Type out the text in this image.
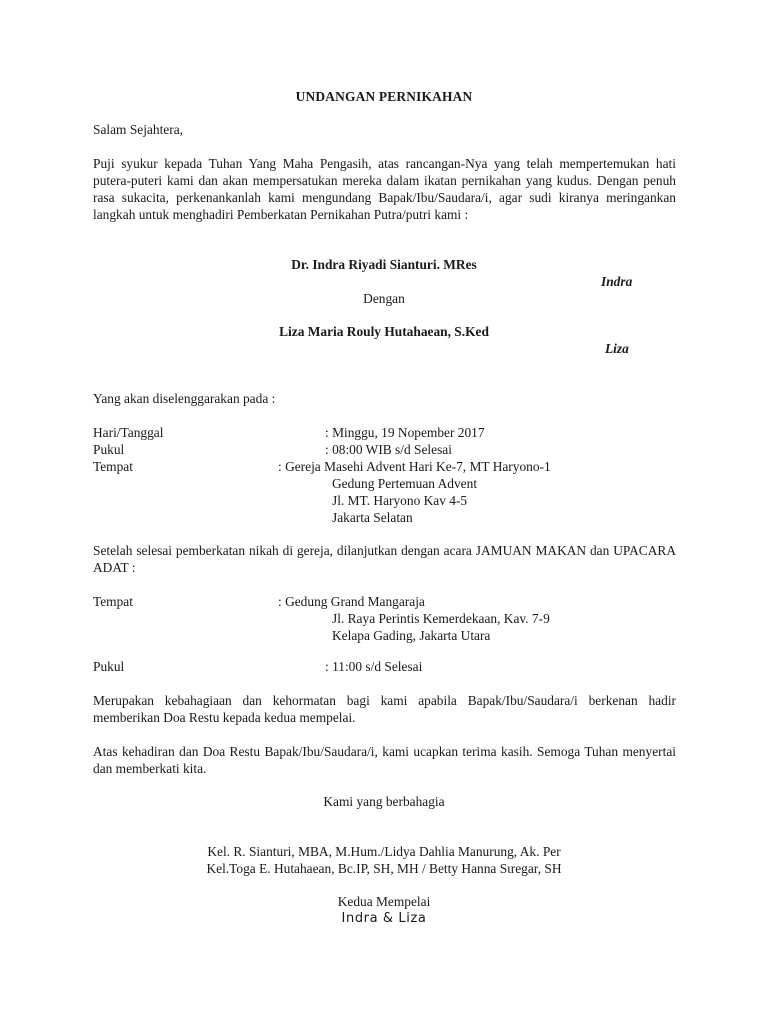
UNDANGAN PERNIKAHAN
Salam Sejahtera,
Puji syukur kepada Tuhan Yang Maha Pengasih, atas rancangan-Nya yang telah mempertemukan hati putera-puteri kami dan akan mempersatukan mereka dalam ikatan pernikahan yang kudus. Dengan penuh rasa sukacita, perkenankanlah kami mengundang Bapak/Ibu/Saudara/i, agar sudi kiranya meringankan langkah untuk menghadiri Pemberkatan Pernikahan Putra/putri kami :
Dr. Indra Riyadi Sianturi. MRes
Indra
Dengan
Liza Maria Rouly Hutahaean, S.Ked
Liza
Yang akan diselenggarakan pada :
Hari/Tanggal	: Minggu, 19 Nopember 2017
Pukul	: 08:00 WIB s/d Selesai
Tempat	: Gereja Masehi Advent Hari Ke-7, MT Haryono-1
Gedung Pertemuan Advent
Jl. MT. Haryono Kav 4-5
Jakarta Selatan
Setelah selesai pemberkatan nikah di gereja, dilanjutkan dengan acara JAMUAN MAKAN dan UPACARA ADAT :
Tempat	: Gedung Grand Mangaraja
Jl. Raya Perintis Kemerdekaan, Kav. 7-9
Kelapa Gading, Jakarta Utara
Pukul	: 11:00 s/d Selesai
Merupakan kebahagiaan dan kehormatan bagi kami apabila Bapak/Ibu/Saudara/i berkenan hadir memberikan Doa Restu kepada kedua mempelai.
Atas kehadiran dan Doa Restu Bapak/Ibu/Saudara/i, kami ucapkan terima kasih. Semoga Tuhan menyertai dan memberkati kita.
Kami yang berbahagia
Kel. R. Sianturi, MBA, M.Hum./Lidya Dahlia Manurung, Ak. Per
Kel.Toga E. Hutahaean, Bc.IP, SH, MH / Betty Hanna Sιregar, SH
Kedua Mempelai
Indra & Liza
